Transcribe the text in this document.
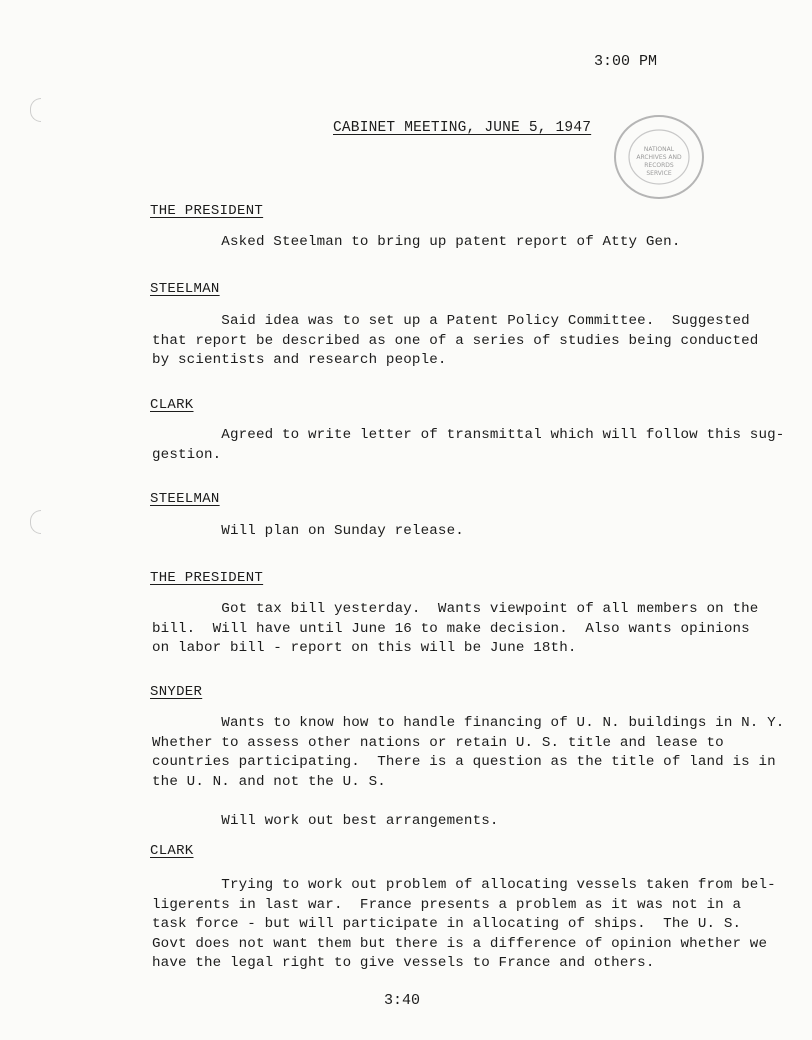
3:00 PM
CABINET MEETING, JUNE 5, 1947
NATIONAL
ARCHIVES AND
RECORDS
SERVICE
THE PRESIDENT
Asked Steelman to bring up patent report of Atty Gen.
STEELMAN
Said idea was to set up a Patent Policy Committee.  Suggested
that report be described as one of a series of studies being conducted
by scientists and research people.
CLARK
Agreed to write letter of transmittal which will follow this sug-
gestion.
STEELMAN
Will plan on Sunday release.
THE PRESIDENT
Got tax bill yesterday.  Wants viewpoint of all members on the
bill.  Will have until June 16 to make decision.  Also wants opinions
on labor bill - report on this will be June 18th.
SNYDER
Wants to know how to handle financing of U. N. buildings in N. Y.
Whether to assess other nations or retain U. S. title and lease to
countries participating.  There is a question as the title of land is in
the U. N. and not the U. S.

Will work out best arrangements.
CLARK
Trying to work out problem of allocating vessels taken from bel-
ligerents in last war.  France presents a problem as it was not in a
task force - but will participate in allocating of ships.  The U. S.
Govt does not want them but there is a difference of opinion whether we
have the legal right to give vessels to France and others.
3:40
